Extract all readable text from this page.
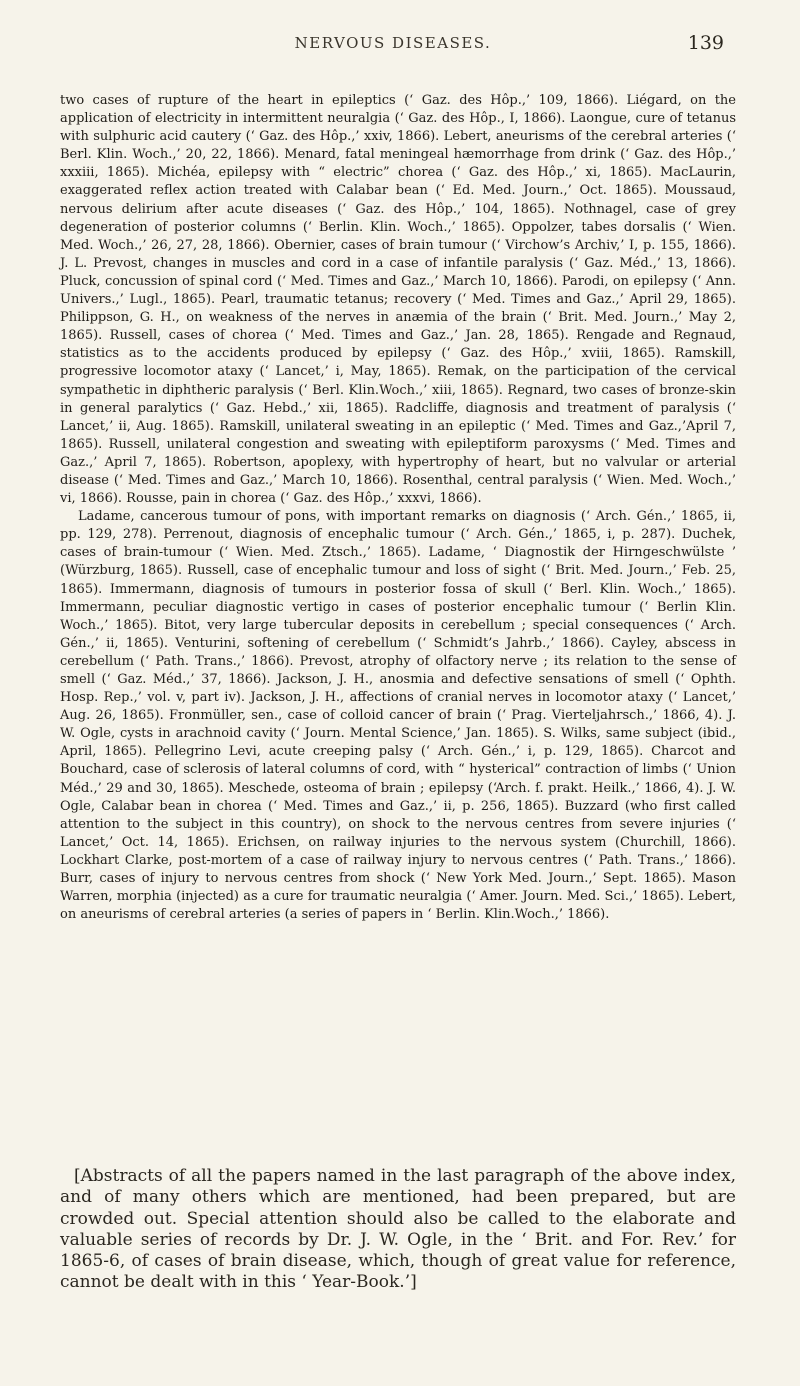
NERVOUS DISEASES.	139

two cases of rupture of the heart in epileptics (‘ Gaz. des Hôp.,’ 109, 1866). Liégard, on the application of electricity in intermittent neuralgia (‘ Gaz. des Hôp., I, 1866). Laongue, cure of tetanus with sulphuric acid cautery (‘ Gaz. des Hôp.,’ xxiv, 1866). Lebert, aneurisms of the cerebral arteries (‘ Berl. Klin. Woch.,’ 20, 22, 1866). Menard, fatal meningeal hæmorrhage from drink (‘ Gaz. des Hôp.,’ xxxiii, 1865). Michéa, epilepsy with “ electric” chorea (‘ Gaz. des Hôp.,’ xi, 1865). MacLaurin, exaggerated reflex action treated with Calabar bean (‘ Ed. Med. Journ.,’ Oct. 1865). Moussaud, nervous delirium after acute diseases (‘ Gaz. des Hôp.,’ 104, 1865). Nothnagel, case of grey degeneration of posterior columns (‘ Berlin. Klin. Woch.,’ 1865). Oppolzer, tabes dorsalis (‘ Wien. Med. Woch.,’ 26, 27, 28, 1866). Obernier, cases of brain tumour (‘ Virchow’s Archiv,’ I, p. 155, 1866). J. L. Prevost, changes in muscles and cord in a case of infantile paralysis (‘ Gaz. Méd.,’ 13, 1866). Pluck, concussion of spinal cord (‘ Med. Times and Gaz.,’ March 10, 1866). Parodi, on epilepsy (‘ Ann. Univers.,’ Lugl., 1865). Pearl, traumatic tetanus; recovery (‘ Med. Times and Gaz.,’ April 29, 1865). Philippson, G. H., on weakness of the nerves in anæmia of the brain (‘ Brit. Med. Journ.,’ May 2, 1865). Russell, cases of chorea (‘ Med. Times and Gaz.,’ Jan. 28, 1865). Rengade and Regnaud, statistics as to the accidents produced by epilepsy (‘ Gaz. des Hôp.,’ xviii, 1865). Ramskill, progressive locomotor ataxy (‘ Lancet,’ i, May, 1865). Remak, on the participation of the cervical sympathetic in diphtheric paralysis (‘ Berl. Klin.Woch.,’ xiii, 1865). Regnard, two cases of bronze-skin in general paralytics (‘ Gaz. Hebd.,’ xii, 1865). Radcliffe, diagnosis and treatment of paralysis (‘ Lancet,’ ii, Aug. 1865). Ramskill, unilateral sweating in an epileptic (‘ Med. Times and Gaz.,’April 7, 1865). Russell, unilateral congestion and sweating with epileptiform paroxysms (‘ Med. Times and Gaz.,’ April 7, 1865). Robertson, apoplexy, with hypertrophy of heart, but no valvular or arterial disease (‘ Med. Times and Gaz.,’ March 10, 1866). Rosenthal, central paralysis (‘ Wien. Med. Woch.,’ vi, 1866). Rousse, pain in chorea (‘ Gaz. des Hôp.,’ xxxvi, 1866).

Ladame, cancerous tumour of pons, with important remarks on diagnosis (‘ Arch. Gén.,’ 1865, ii, pp. 129, 278). Perrenout, diagnosis of encephalic tumour (‘ Arch. Gén.,’ 1865, i, p. 287). Duchek, cases of brain-tumour (‘ Wien. Med. Ztsch.,’ 1865). Ladame, ‘ Diagnostik der Hirngeschwülste ’ (Würzburg, 1865). Russell, case of encephalic tumour and loss of sight (‘ Brit. Med. Journ.,’ Feb. 25, 1865). Immermann, diagnosis of tumours in posterior fossa of skull (‘ Berl. Klin. Woch.,’ 1865). Immermann, peculiar diagnostic vertigo in cases of posterior encephalic tumour (‘ Berlin Klin. Woch.,’ 1865). Bitot, very large tubercular deposits in cerebellum ; special consequences (‘ Arch. Gén.,’ ii, 1865). Venturini, softening of cerebellum (‘ Schmidt’s Jahrb.,’ 1866). Cayley, abscess in cerebellum (‘ Path. Trans.,’ 1866). Prevost, atrophy of olfactory nerve ; its relation to the sense of smell (‘ Gaz. Méd.,’ 37, 1866). Jackson, J. H., anosmia and defective sensations of smell (‘ Ophth. Hosp. Rep.,’ vol. v, part iv). Jackson, J. H., affections of cranial nerves in locomotor ataxy (‘ Lancet,’ Aug. 26, 1865). Fronmüller, sen., case of colloid cancer of brain (‘ Prag. Vierteljahrsch.,’ 1866, 4). J. W. Ogle, cysts in arachnoid cavity (‘ Journ. Mental Science,’ Jan. 1865). S. Wilks, same subject (ibid., April, 1865). Pellegrino Levi, acute creeping palsy (‘ Arch. Gén.,’ i, p. 129, 1865). Charcot and Bouchard, case of sclerosis of lateral columns of cord, with “ hysterical” contraction of limbs (‘ Union Méd.,’ 29 and 30, 1865). Meschede, osteoma of brain ; epilepsy (‘Arch. f. prakt. Heilk.,’ 1866, 4). J. W. Ogle, Calabar bean in chorea (‘ Med. Times and Gaz.,’ ii, p. 256, 1865). Buzzard (who first called attention to the subject in this country), on shock to the nervous centres from severe injuries (‘ Lancet,’ Oct. 14, 1865). Erichsen, on railway injuries to the nervous system (Churchill, 1866). Lockhart Clarke, post-mortem of a case of railway injury to nervous centres (‘ Path. Trans.,’ 1866). Burr, cases of injury to nervous centres from shock (‘ New York Med. Journ.,’ Sept. 1865). Mason Warren, morphia (injected) as a cure for traumatic neuralgia (‘ Amer. Journ. Med. Sci.,’ 1865). Lebert, on aneurisms of cerebral arteries (a series of papers in ‘ Berlin. Klin.Woch.,’ 1866).

[Abstracts of all the papers named in the last paragraph of the above index, and of many others which are mentioned, had been prepared, but are crowded out. Special attention should also be called to the elaborate and valuable series of records by Dr. J. W. Ogle, in the ‘ Brit. and For. Rev.’ for 1865-6, of cases of brain disease, which, though of great value for reference, cannot be dealt with in this ‘ Year-Book.’]
